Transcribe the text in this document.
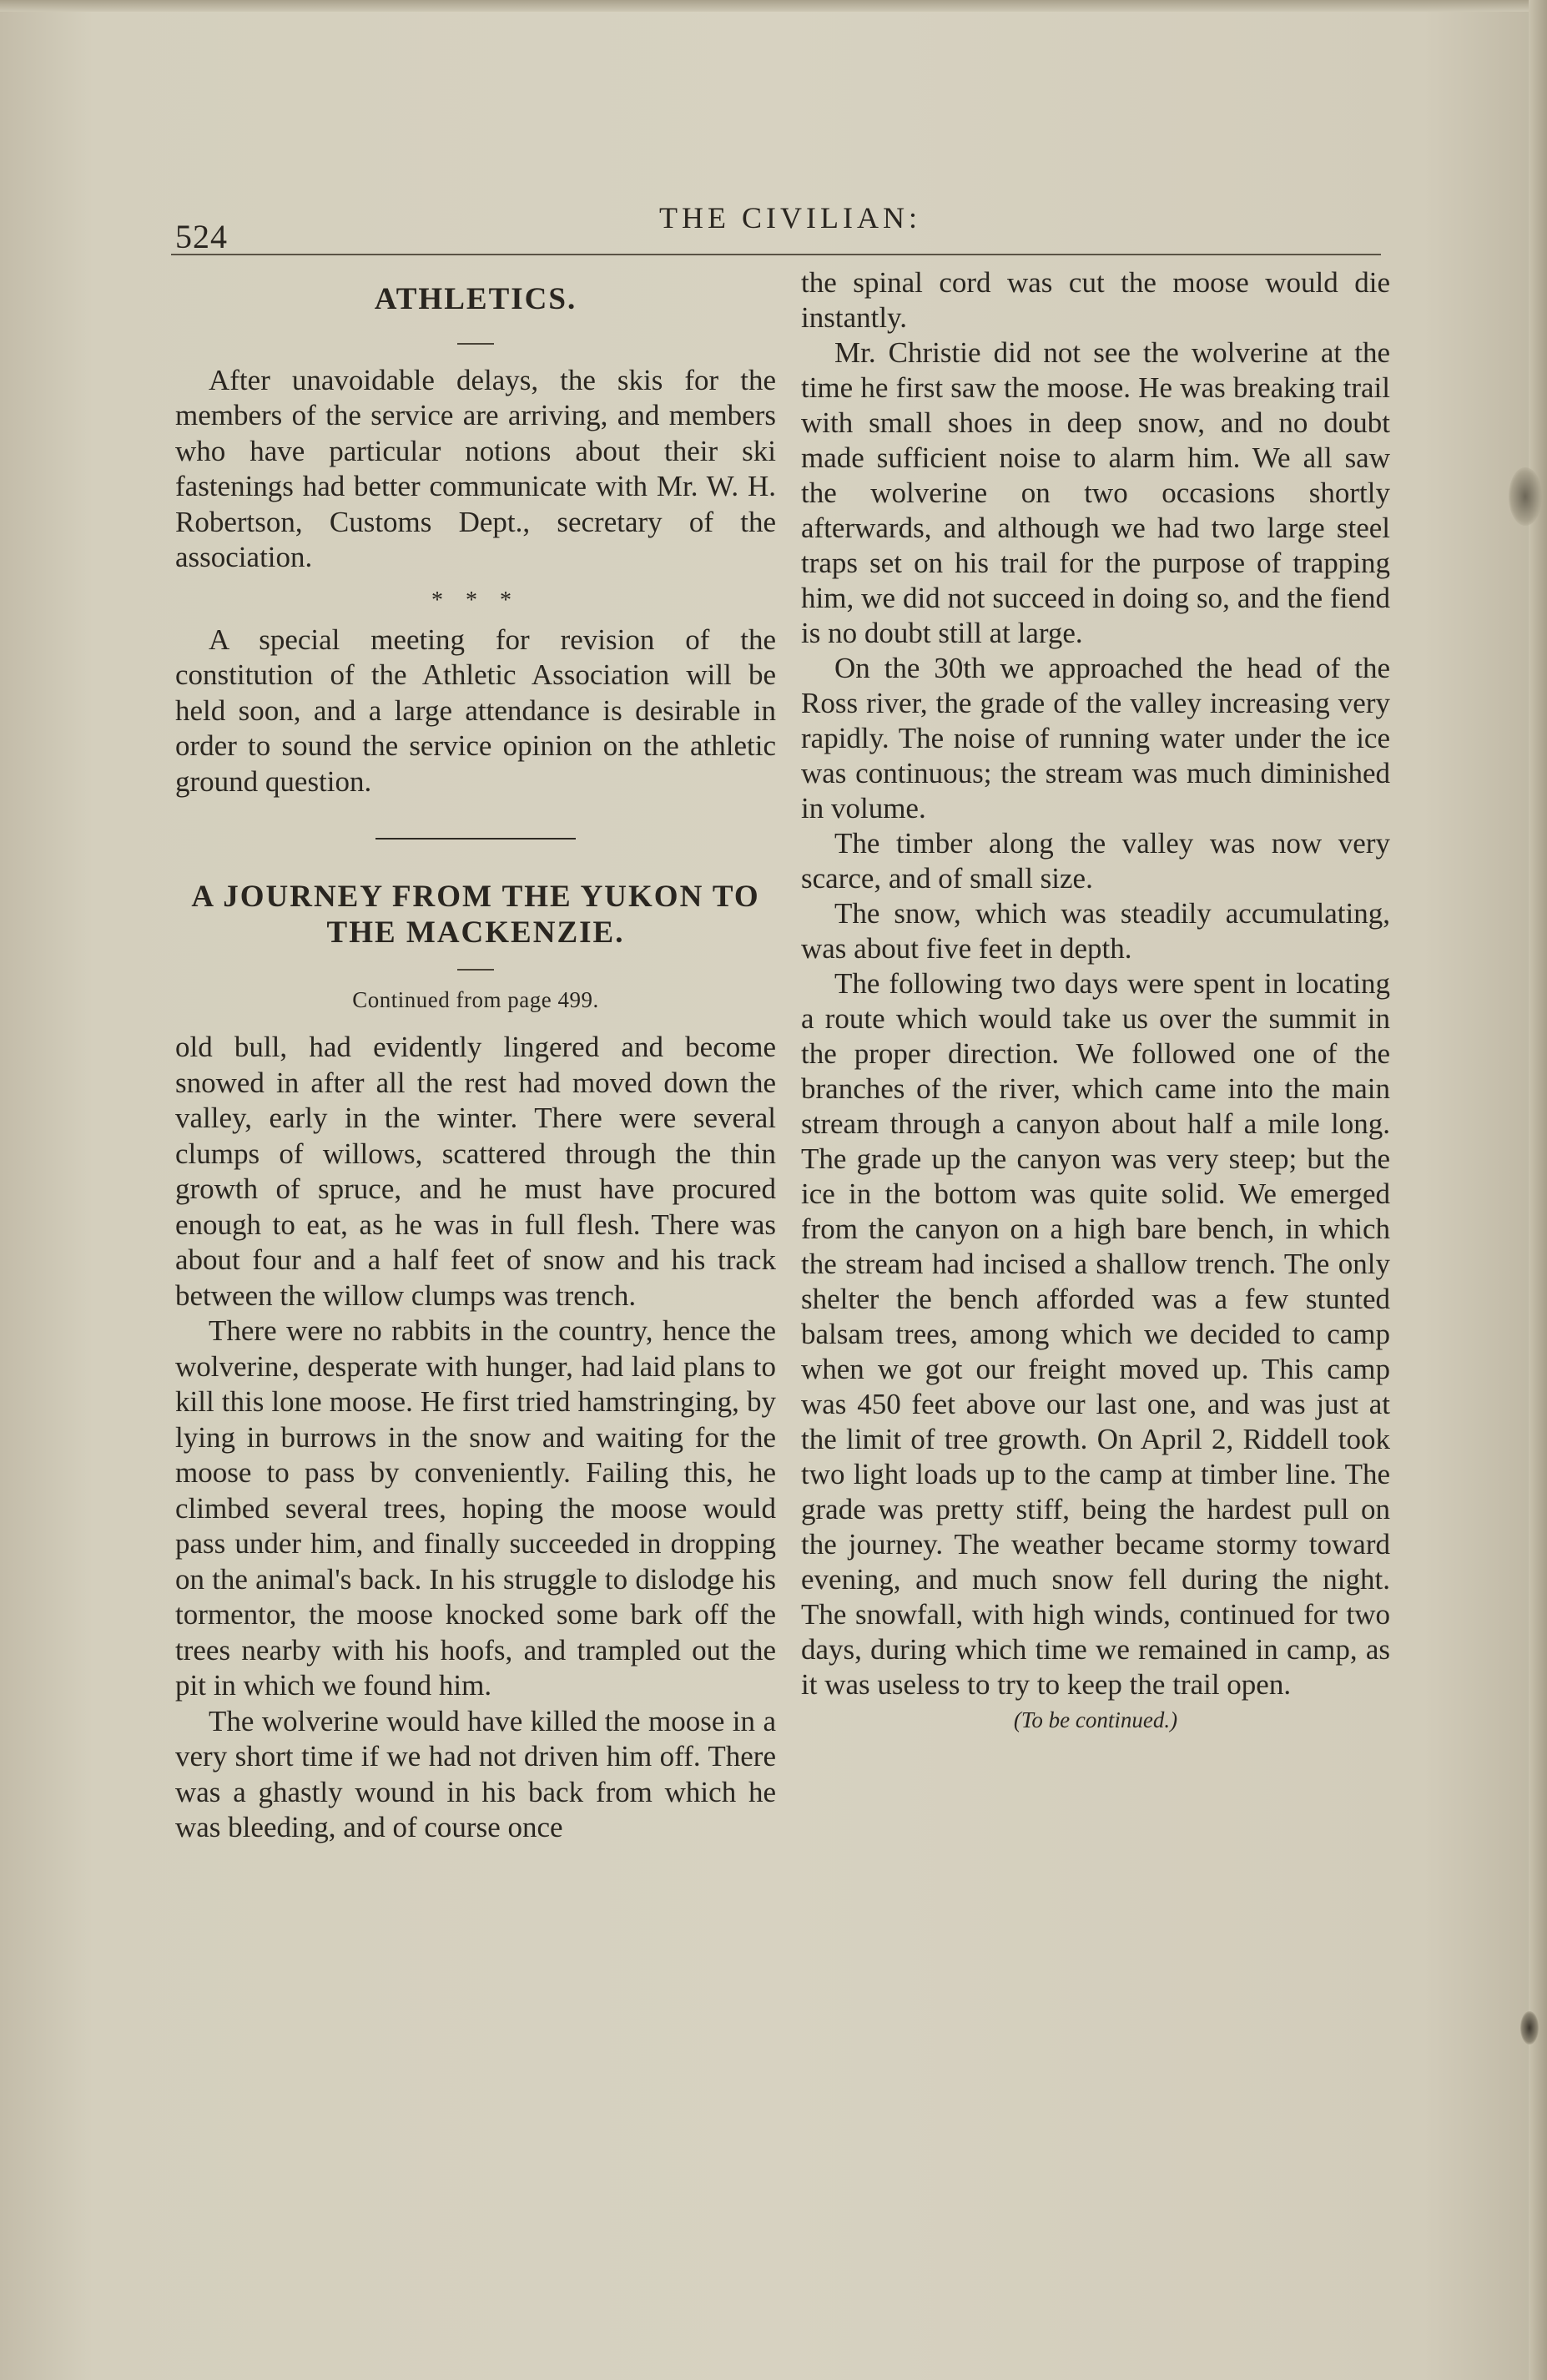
524	THE CIVILIAN:
ATHLETICS.

After unavoidable delays, the skis for the members of the service are arriving, and members who have particular notions about their ski fastenings had better communicate with Mr. W. H. Robertson, Customs Dept., secretary of the association.

* * *

A special meeting for revision of the constitution of the Athletic Association will be held soon, and a large attendance is desirable in order to sound the service opinion on the athletic ground question.

A JOURNEY FROM THE YUKON TO THE MACKENZIE.
Continued from page 499.

old bull, had evidently lingered and become snowed in after all the rest had moved down the valley, early in the winter. There were several clumps of willows, scattered through the thin growth of spruce, and he must have procured enough to eat, as he was in full flesh. There was about four and a half feet of snow and his track between the willow clumps was trench.

There were no rabbits in the country, hence the wolverine, desperate with hunger, had laid plans to kill this lone moose. He first tried hamstringing, by lying in burrows in the snow and waiting for the moose to pass by conveniently. Failing this, he climbed several trees, hoping the moose would pass under him, and finally succeeded in dropping on the animal's back. In his struggle to dislodge his tormentor, the moose knocked some bark off the trees nearby with his hoofs, and trampled out the pit in which we found him.

The wolverine would have killed the moose in a very short time if we had not driven him off. There was a ghastly wound in his back from which he was bleeding, and of course once

the spinal cord was cut the moose would die instantly.

Mr. Christie did not see the wolverine at the time he first saw the moose. He was breaking trail with small shoes in deep snow, and no doubt made sufficient noise to alarm him. We all saw the wolverine on two occasions shortly afterwards, and although we had two large steel traps set on his trail for the purpose of trapping him, we did not succeed in doing so, and the fiend is no doubt still at large.

On the 30th we approached the head of the Ross river, the grade of the valley increasing very rapidly. The noise of running water under the ice was continuous; the stream was much diminished in volume.

The timber along the valley was now very scarce, and of small size.

The snow, which was steadily accumulating, was about five feet in depth.

The following two days were spent in locating a route which would take us over the summit in the proper direction. We followed one of the branches of the river, which came into the main stream through a canyon about half a mile long. The grade up the canyon was very steep; but the ice in the bottom was quite solid. We emerged from the canyon on a high bare bench, in which the stream had incised a shallow trench. The only shelter the bench afforded was a few stunted balsam trees, among which we decided to camp when we got our freight moved up. This camp was 450 feet above our last one, and was just at the limit of tree growth. On April 2, Riddell took two light loads up to the camp at timber line. The grade was pretty stiff, being the hardest pull on the journey. The weather became stormy toward evening, and much snow fell during the night. The snowfall, with high winds, continued for two days, during which time we remained in camp, as it was useless to try to keep the trail open.

(To be continued.)
